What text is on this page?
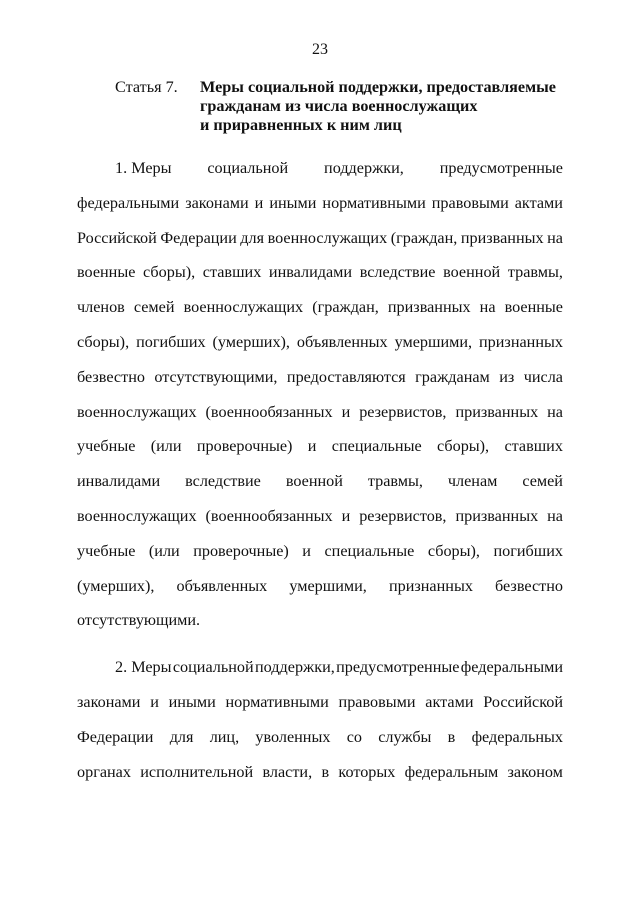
23
Статья 7. Меры социальной поддержки, предоставляемые
гражданам из числа военнослужащих
и приравненных к ним лиц
1. Меры социальной поддержки, предусмотренные
федеральными законами и иными нормативными правовыми актами
Российской Федерации для военнослужащих (граждан, призванных на
военные сборы), ставших инвалидами вследствие военной травмы,
членов семей военнослужащих (граждан, призванных на военные
сборы), погибших (умерших), объявленных умершими, признанных
безвестно отсутствующими, предоставляются гражданам из числа
военнослужащих (военнообязанных и резервистов, призванных на
учебные (или проверочные) и специальные сборы), ставших
инвалидами вследствие военной травмы, членам семей
военнослужащих (военнообязанных и резервистов, призванных на
учебные (или проверочные) и специальные сборы), погибших
(умерших), объявленных умершими, признанных безвестно
отсутствующими.
2. Меры социальной поддержки, предусмотренные федеральными
законами и иными нормативными правовыми актами Российской
Федерации для лиц, уволенных со службы в федеральных
органах исполнительной власти, в которых федеральным законом
